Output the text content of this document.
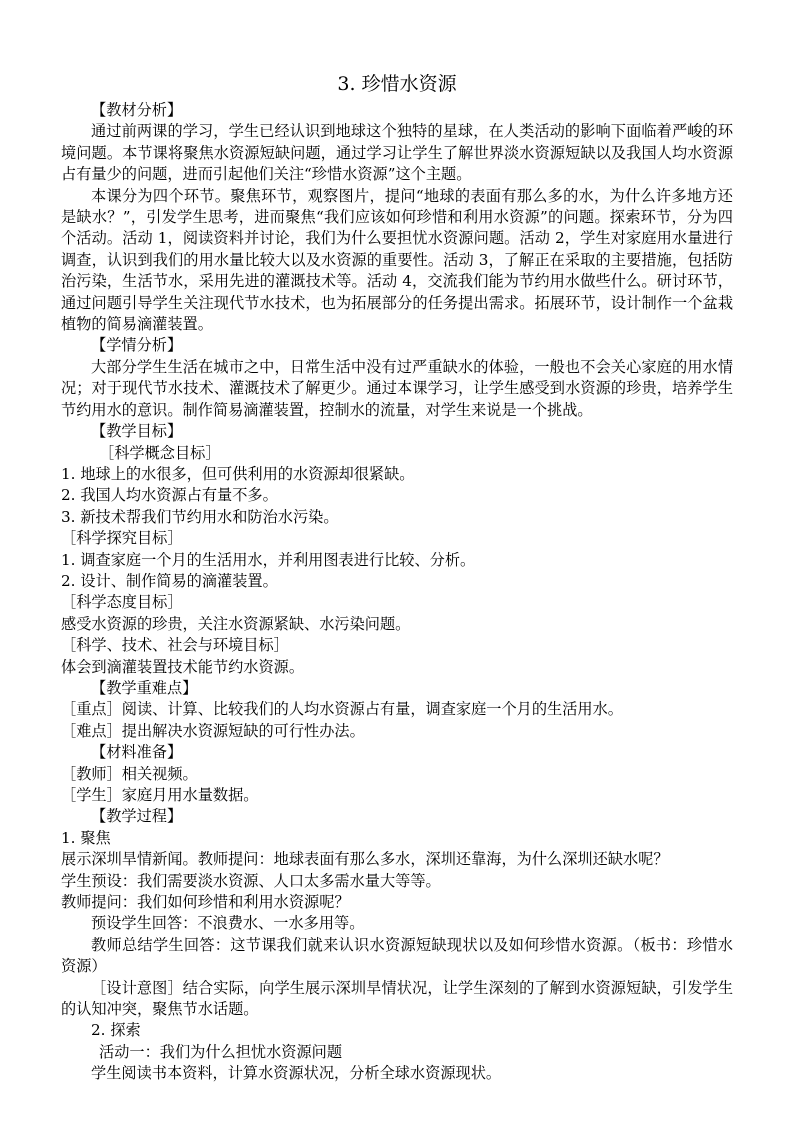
3. 珍惜水资源

【教材分析】

通过前两课的学习，学生已经认识到地球这个独特的星球，在人类活动的影响下面临着严峻的环境问题。本节课将聚焦水资源短缺问题，通过学习让学生了解世界淡水资源短缺以及我国人均水资源占有量少的问题，进而引起他们关注“珍惜水资源”这个主题。

本课分为四个环节。聚焦环节，观察图片，提问“地球的表面有那么多的水，为什么许多地方还是缺水？”，引发学生思考，进而聚焦“我们应该如何珍惜和利用水资源”的问题。探索环节，分为四个活动。活动 1，阅读资料并讨论，我们为什么要担忧水资源问题。活动 2，学生对家庭用水量进行调查，认识到我们的用水量比较大以及水资源的重要性。活动 3，了解正在采取的主要措施，包括防治污染，生活节水，采用先进的灌溉技术等。活动 4，交流我们能为节约用水做些什么。研讨环节，通过问题引导学生关注现代节水技术，也为拓展部分的任务提出需求。拓展环节，设计制作一个盆栽植物的简易滴灌装置。

【学情分析】

大部分学生生活在城市之中，日常生活中没有过严重缺水的体验，一般也不会关心家庭的用水情况；对于现代节水技术、灌溉技术了解更少。通过本课学习，让学生感受到水资源的珍贵，培养学生节约用水的意识。制作简易滴灌装置，控制水的流量，对学生来说是一个挑战。

【教学目标】

［科学概念目标］

1. 地球上的水很多，但可供利用的水资源却很紧缺。

2. 我国人均水资源占有量不多。

3. 新技术帮我们节约用水和防治水污染。

［科学探究目标］

1. 调查家庭一个月的生活用水，并利用图表进行比较、分析。

2. 设计、制作简易的滴灌装置。

［科学态度目标］

感受水资源的珍贵，关注水资源紧缺、水污染问题。

［科学、技术、社会与环境目标］

体会到滴灌装置技术能节约水资源。

【教学重难点】

［重点］阅读、计算、比较我们的人均水资源占有量，调查家庭一个月的生活用水。

［难点］提出解决水资源短缺的可行性办法。

【材料准备】

［教师］相关视频。

［学生］家庭月用水量数据。

【教学过程】

1. 聚焦

展示深圳旱情新闻。教师提问：地球表面有那么多水，深圳还靠海，为什么深圳还缺水呢？

学生预设：我们需要淡水资源、人口太多需水量大等等。

教师提问：我们如何珍惜和利用水资源呢？

预设学生回答：不浪费水、一水多用等。

教师总结学生回答：这节课我们就来认识水资源短缺现状以及如何珍惜水资源。（板书：珍惜水资源）

［设计意图］结合实际，向学生展示深圳旱情状况，让学生深刻的了解到水资源短缺，引发学生的认知冲突，聚焦节水话题。

2. 探索

活动一：我们为什么担忧水资源问题

学生阅读书本资料，计算水资源状况，分析全球水资源现状。
